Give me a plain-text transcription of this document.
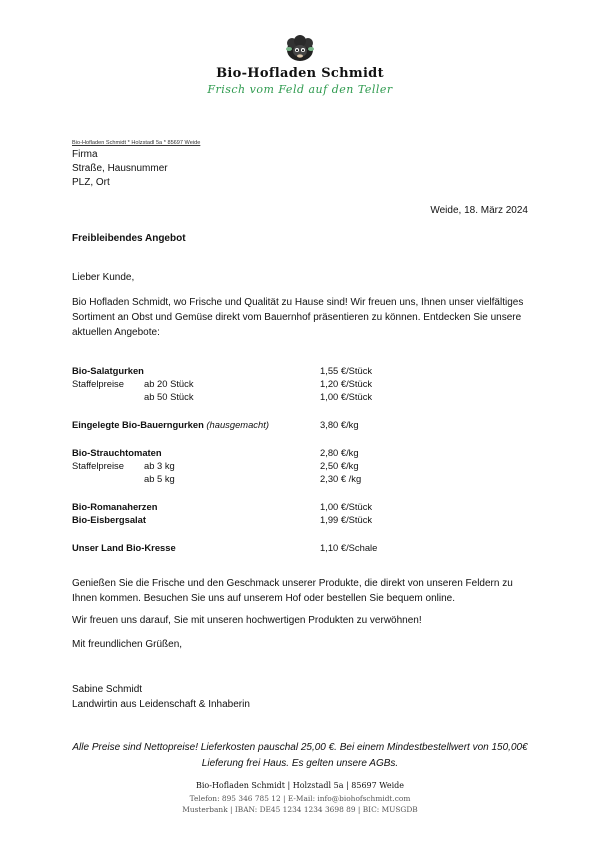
Bio-Hofladen Schmidt
Frisch vom Feld auf den Teller
Bio-Hofladen Schmidt * Holzstadl 5a * 85697 Weide
Firma
Straße, Hausnummer
PLZ, Ort
Weide, 18. März 2024
Freibleibendes Angebot
Lieber Kunde,
Bio Hofladen Schmidt, wo Frische und Qualität zu Hause sind! Wir freuen uns, Ihnen unser vielfältiges Sortiment an Obst und Gemüse direkt vom Bauernhof präsentieren zu können. Entdecken Sie unsere aktuellen Angebote:
Bio-Salatgurken	1,55 €/Stück
Staffelpreise ab 20 Stück	1,20 €/Stück
ab 50 Stück	1,00 €/Stück
Eingelegte Bio-Bauerngurken (hausgemacht)	3,80 €/kg
Bio-Strauchtomaten	2,80 €/kg
Staffelpreise ab 3 kg	2,50 €/kg
ab 5 kg	2,30 € /kg
Bio-Romanaherzen	1,00 €/Stück
Bio-Eisbergsalat	1,99 €/Stück
Unser Land Bio-Kresse	1,10 €/Schale
Genießen Sie die Frische und den Geschmack unserer Produkte, die direkt von unseren Feldern zu Ihnen kommen. Besuchen Sie uns auf unserem Hof oder bestellen Sie bequem online.
Wir freuen uns darauf, Sie mit unseren hochwertigen Produkten zu verwöhnen!
Mit freundlichen Grüßen,
Sabine Schmidt
Landwirtin aus Leidenschaft & Inhaberin
Alle Preise sind Nettopreise! Lieferkosten pauschal 25,00 €. Bei einem Mindestbestellwert von 150,00€ Lieferung frei Haus. Es gelten unsere AGBs.
Bio-Hofladen Schmidt | Holzstadl 5a | 85697 Weide
Telefon: 895 346 785 12 | E-Mail: info@biohofschmidt.com
Musterbank | IBAN: DE45 1234 1234 3698 89 | BIC: MUSGDB
